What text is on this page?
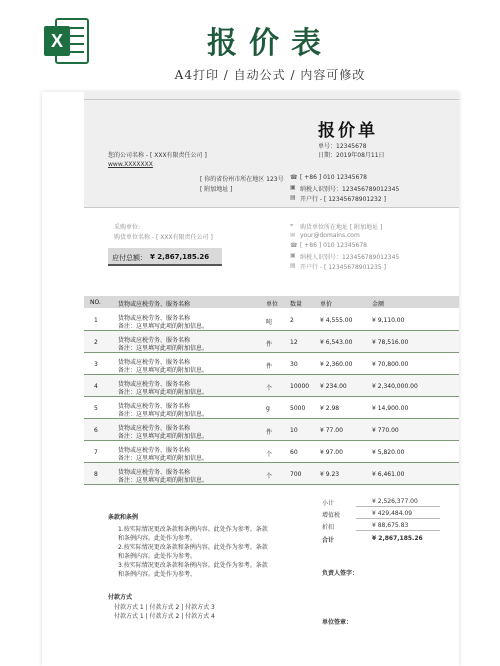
X	报价表
A4打印 / 自动公式 / 内容可修改
报价单
单号：12345678
日期：2019年08月11日
您的公司名称 - [ XXX有限责任公司 ]
www.XXXXXXX
[ 你的省份州市所在地区 123号
[ 附加地址 ]
☎ [ +86 ] 010 12345678
▣ 纳税人识别号：123456789012345
▤ 开户行 - [ 12345678901232 ]
采购单位:
购货单位名称 - [ XXX有限责任公司 ]
⌖ 购货单位所在地址 [ 附加地址 ]
✉ your@domains.com
☎ [ +86 ] 010 12345678
▣ 纳税人识别号：123456789012345
▤ 开户行 - [ 12345678901235 ]
应付总额： ¥ 2,867,185.26
NO.	货物或应税劳务、服务名称	单位 数量	单价	金额
1	货物或应税劳务、服务名称
备注：这里填写此项的附加信息。
吨	2	¥ 4,555.00	¥ 9,110.00
2	货物或应税劳务、服务名称
备注：这里填写此项的附加信息。
件	12	¥ 6,543.00	¥ 78,516.00
3	货物或应税劳务、服务名称
备注：这里填写此项的附加信息。
件	30	¥ 2,360.00	¥ 70,800.00
4	货物或应税劳务、服务名称
备注：这里填写此项的附加信息。
个	10000 ¥ 234.00	¥ 2,340,000.00
5	货物或应税劳务、服务名称
备注：这里填写此项的附加信息。
g	5000 ¥ 2.98	¥ 14,900.00
6	货物或应税劳务、服务名称
备注：这里填写此项的附加信息。
件	10	¥ 77.00	¥ 770.00
7	货物或应税劳务、服务名称
备注：这里填写此项的附加信息。
个	60	¥ 97.00	¥ 5,820.00
8	货物或应税劳务、服务名称
备注：这里填写此项的附加信息。
个	700	¥ 9.23	¥ 6,461.00
小计	¥ 2,526,377.00
增值税	¥ 429,484.09
折扣	¥ 88,675.83
合计	¥ 2,867,185.26
条款和条例
1.按实际情况更改条款和条例内容。此处作为参考。条款
和条例内容。此处作为参考。
2.按实际情况更改条款和条例内容。此处作为参考。条款
和条例内容。此处作为参考。
3.按实际情况更改条款和条例内容。此处作为参考。条款
和条例内容。此处作为参考。	负责人签字：
付款方式
付款方式 1 | 付款方式 2 | 付款方式 3
付款方式 1 | 付款方式 2 | 付款方式 4
单位签章：
